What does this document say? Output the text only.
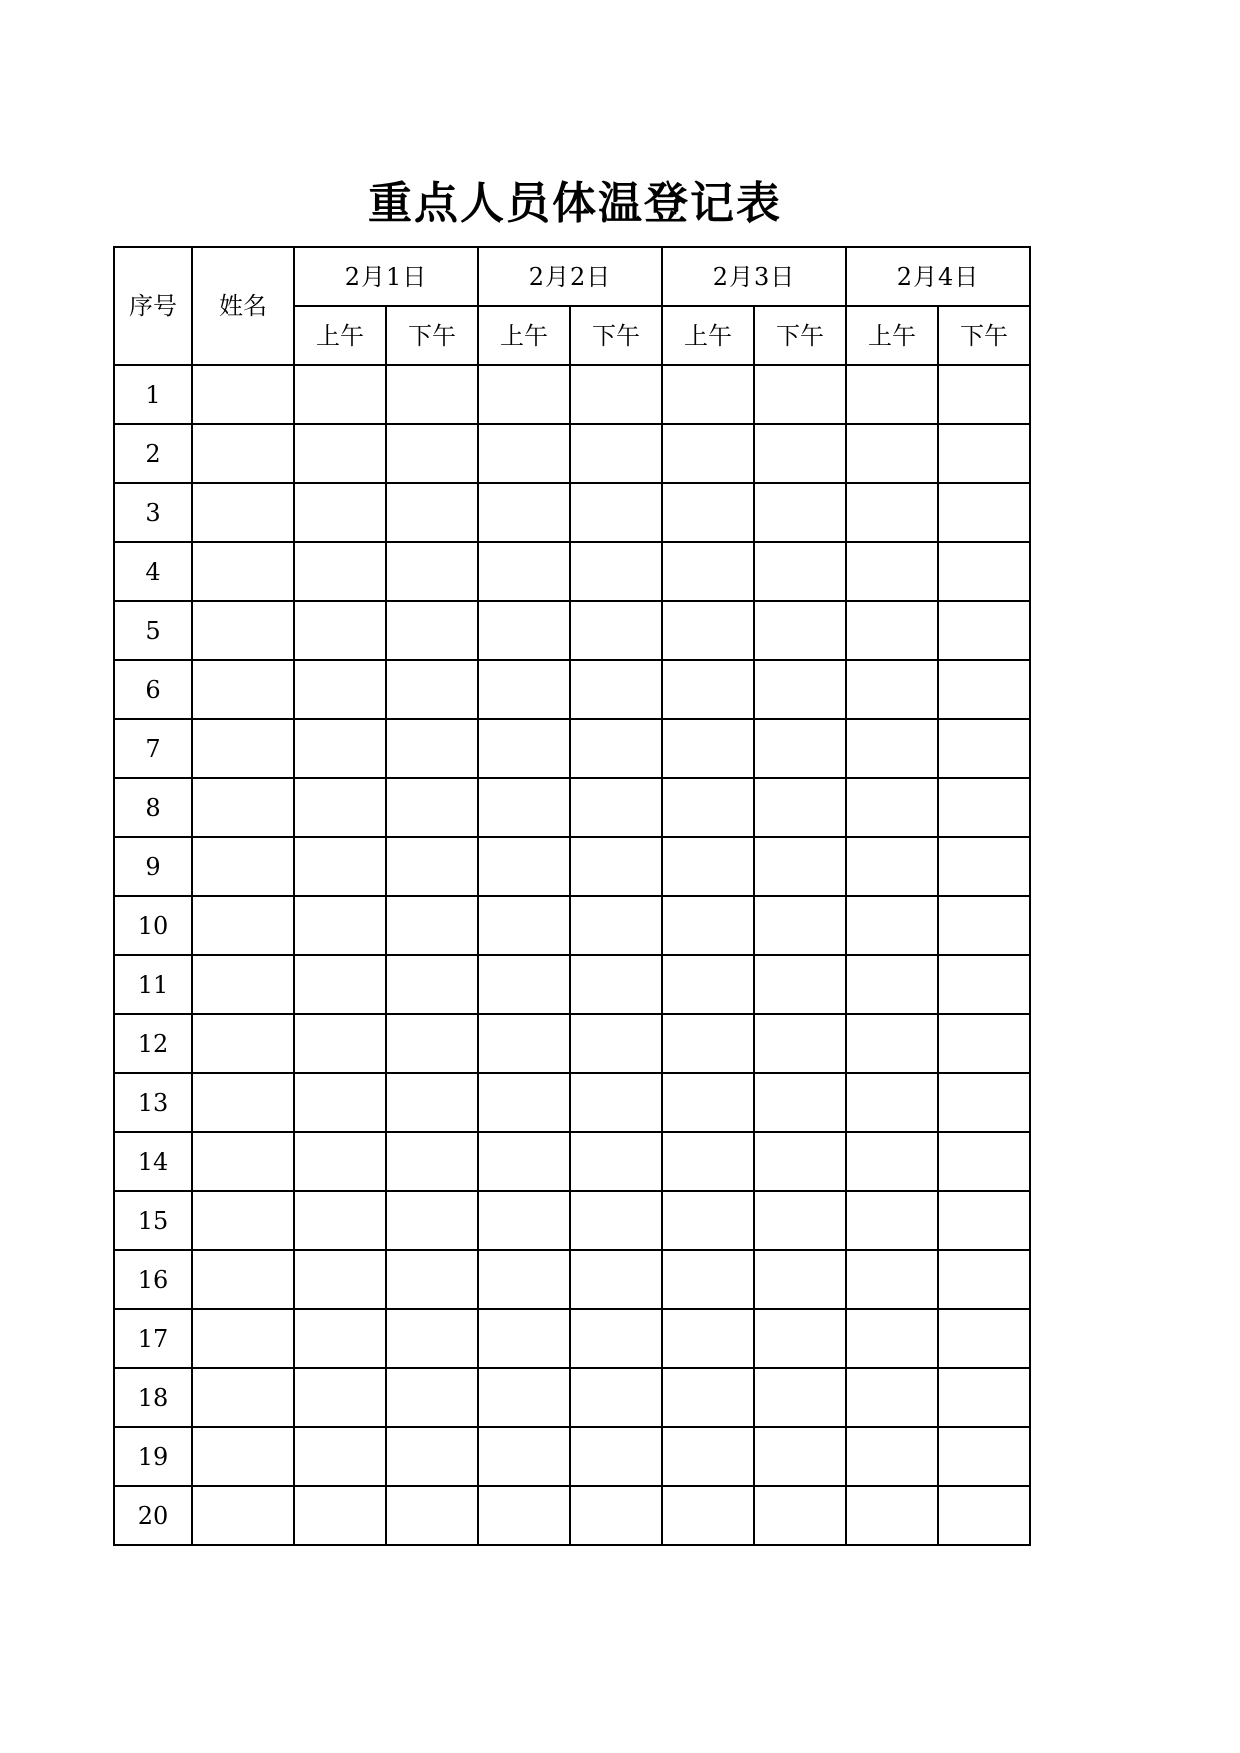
重点人员体温登记表
序号	姓名	2月1日		2月2日		2月3日		2月4日	
		上午	下午	上午	下午	上午	下午	上午	下午
1									
2									
3									
4									
5									
6									
7									
8									
9									
10									
11									
12									
13									
14									
15									
16									
17									
18									
19									
20									
